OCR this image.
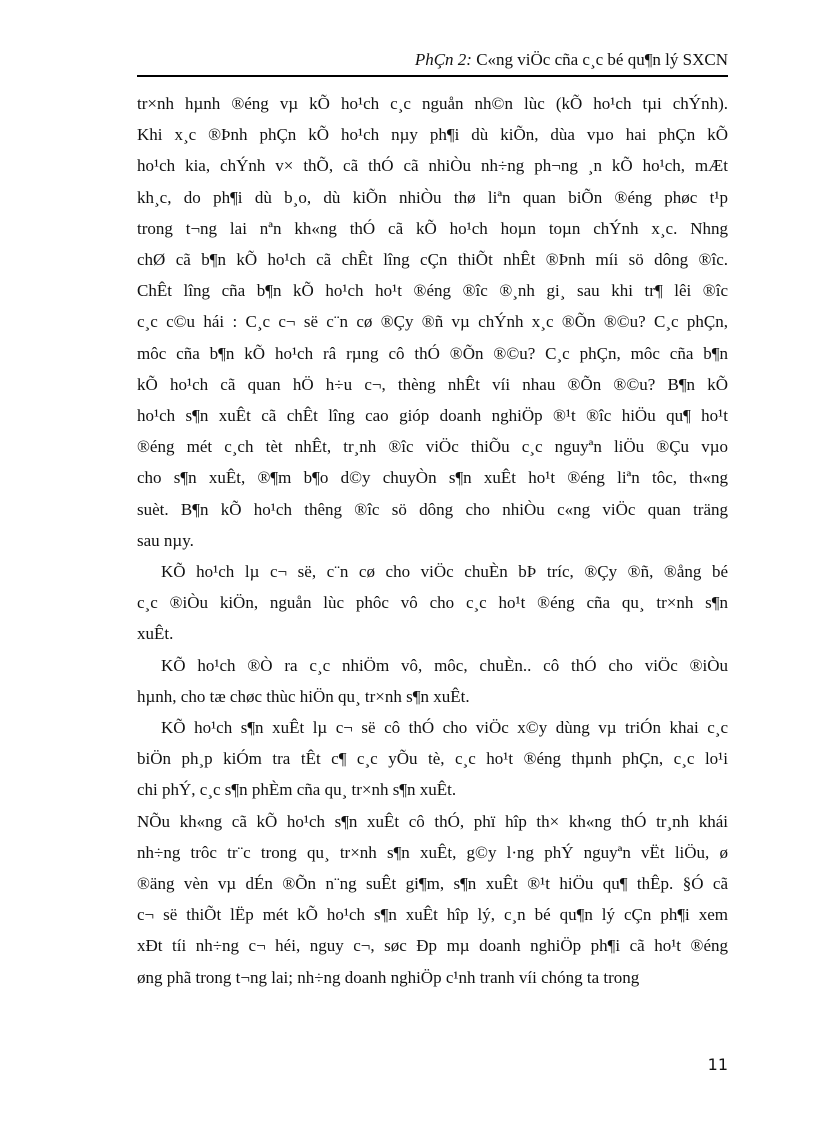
PhÇn 2: C«ng viÖc cña c¸c bé qu¶n lý SXCN

tr×nh hµnh ®éng vµ kÕ ho¹ch c¸c nguån nh©n lùc (kÕ ho¹ch tµi chÝnh).
Khi x¸c ®Þnh phÇn kÕ ho¹ch nµy ph¶i dù kiÕn, dùa vµo hai phÇn kÕ
ho¹ch kia, chÝnh v× thÕ, cã thÓ cã nhiÒu nh÷ng ph¬ng ¸n kÕ ho¹ch, mÆt
kh¸c, do ph¶i dù b¸o, dù kiÕn nhiÒu thø liªn quan biÕn ®éng phøc t¹p
trong t¬ng lai nªn kh«ng thÓ cã kÕ ho¹ch hoµn toµn chÝnh x¸c. Nhng
chØ cã b¶n kÕ ho¹ch cã chÊt lîng cÇn thiÕt nhÊt ®Þnh míi sö dông ®îc.
ChÊt lîng cña b¶n kÕ ho¹ch ho¹t ®éng ®îc ®¸nh gi¸ sau khi tr¶ lêi ®îc
c¸c c©u hái : C¸c c¬ së c¨n cø ®Çy ®ñ vµ chÝnh x¸c ®Õn ®©u? C¸c phÇn,
môc cña b¶n kÕ ho¹ch râ rµng cô thÓ ®Õn ®©u? C¸c phÇn, môc cña b¶n
kÕ ho¹ch cã quan hÖ h÷u c¬, thèng nhÊt víi nhau ®Õn ®©u? B¶n kÕ
ho¹ch s¶n xuÊt cã chÊt lîng cao gióp doanh nghiÖp ®¹t ®îc hiÖu qu¶ ho¹t
®éng mét c¸ch tèt nhÊt, tr¸nh ®îc viÖc thiÕu c¸c nguyªn liÖu ®Çu vµo
cho s¶n xuÊt, ®¶m b¶o d©y chuyÒn s¶n xuÊt ho¹t ®éng liªn tôc, th«ng
suèt. B¶n kÕ ho¹ch thêng ®îc sö dông cho nhiÒu c«ng viÖc quan träng
sau nµy.

KÕ ho¹ch lµ c¬ së, c¨n cø cho viÖc chuÈn bÞ tríc, ®Çy ®ñ, ®ång bé
c¸c ®iÒu kiÖn, nguån lùc phôc vô cho c¸c ho¹t ®éng cña qu¸ tr×nh s¶n
xuÊt.

KÕ ho¹ch ®Ò ra c¸c nhiÖm vô, môc, chuÈn.. cô thÓ cho viÖc ®iÒu
hµnh, cho tæ chøc thùc hiÖn qu¸ tr×nh s¶n xuÊt.

KÕ ho¹ch s¶n xuÊt lµ c¬ së cô thÓ cho viÖc x©y dùng vµ triÓn khai c¸c
biÖn ph¸p kiÓm tra tÊt c¶ c¸c yÕu tè, c¸c ho¹t ®éng thµnh phÇn, c¸c lo¹i
chi phÝ, c¸c s¶n phÈm cña qu¸ tr×nh s¶n xuÊt.

NÕu kh«ng cã kÕ ho¹ch s¶n xuÊt cô thÓ, phï hîp th× kh«ng thÓ tr¸nh khái
nh÷ng trôc tr¨c trong qu¸ tr×nh s¶n xuÊt, g©y l·ng phÝ nguyªn vËt liÖu, ø
®äng vèn vµ dÉn ®Õn n¨ng suÊt gi¶m, s¶n xuÊt ®¹t hiÖu qu¶ thÊp. §Ó cã
c¬ së thiÕt lËp mét kÕ ho¹ch s¶n xuÊt hîp lý, c¸n bé qu¶n lý cÇn ph¶i xem
xÐt tíi nh÷ng c¬ héi, nguy c¬, søc Ðp mµ doanh nghiÖp ph¶i cã ho¹t ®éng
øng phã trong t¬ng lai; nh÷ng doanh nghiÖp c¹nh tranh víi chóng ta trong

11
